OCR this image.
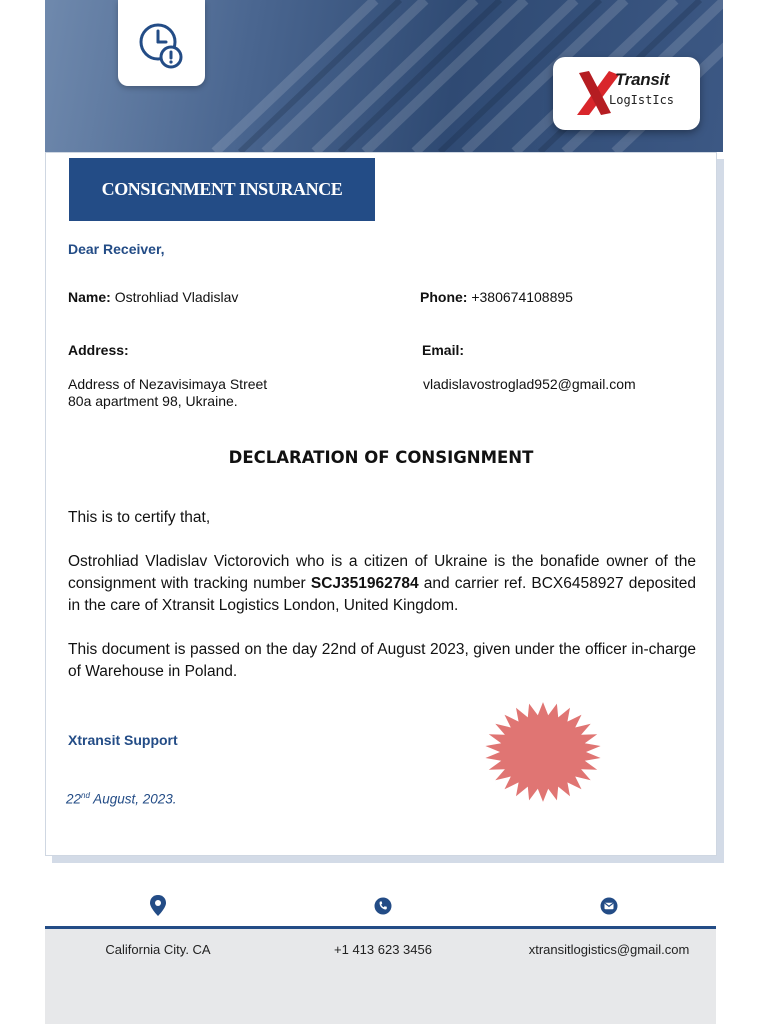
Transit
LogIstIcs
CONSIGNMENT INSURANCE
Dear Receiver,
Name: Ostrohliad Vladislav	Phone: +380674108895
Address:	Email:
Address of Nezavisimaya Street
80a apartment 98, Ukraine.
vladislavostroglad952@gmail.com
DECLARATION OF CONSIGNMENT
This is to certify that,
Ostrohliad Vladislav Victorovich who is a citizen of Ukraine is the bonafide owner of the consignment with tracking number SCJ351962784 and carrier ref. BCX6458927 deposited in the care of Xtransit Logistics London, United Kingdom.
This document is passed on the day 22nd of August 2023, given under the officer in-charge of Warehouse in Poland.
Xtransit Support
22nd August, 2023.
California City. CA	+1 413 623 3456	xtransitlogistics@gmail.com
